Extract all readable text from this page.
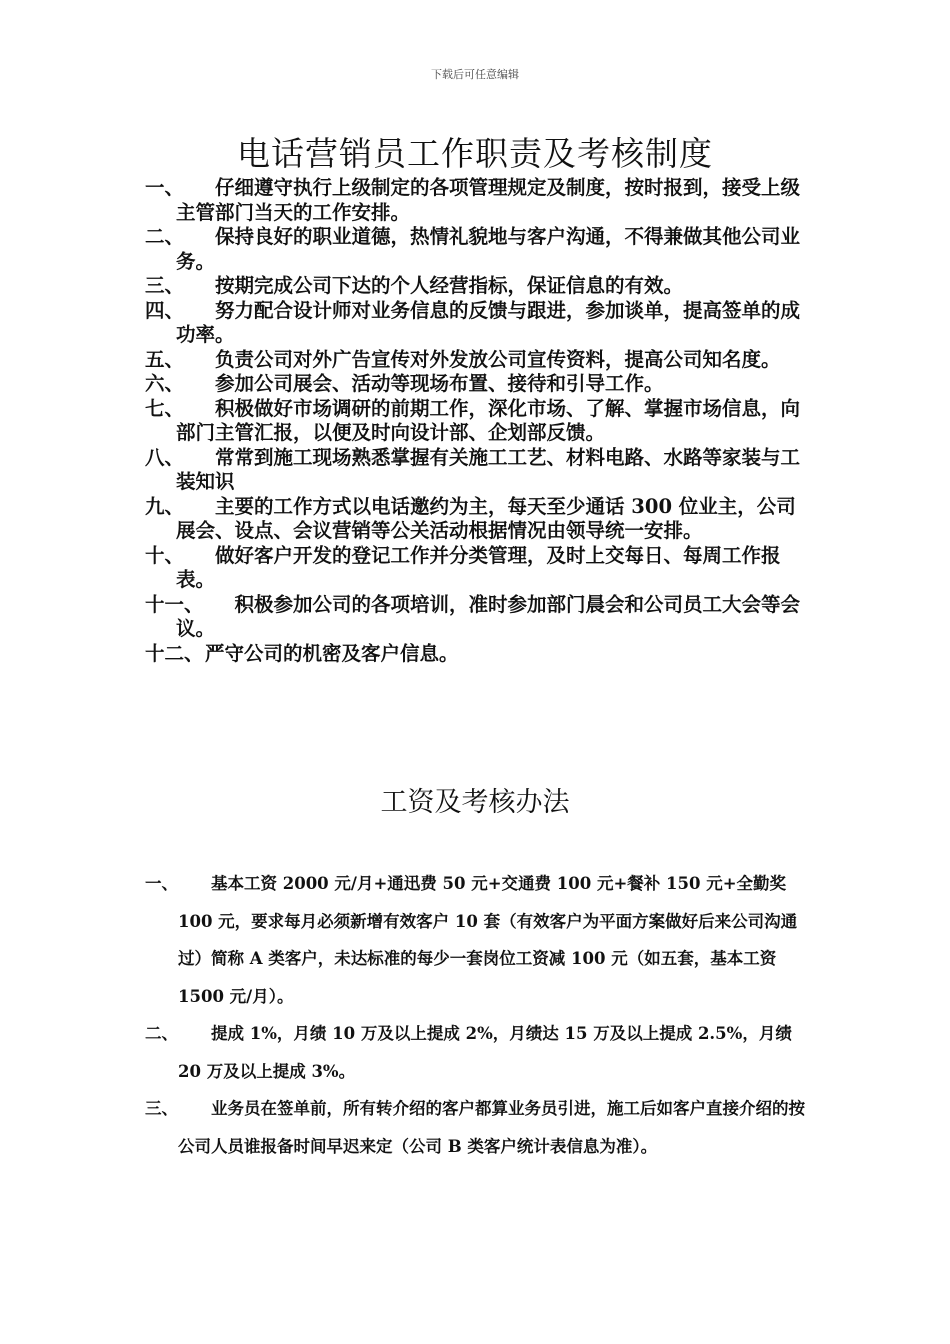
下载后可任意编辑
电话营销员工作职责及考核制度
一、
　　	仔细遵守执行上级制定的各项管理规定及制度，按时报到，接受上级主管部门当天的工作安排。
二、
　　	保持良好的职业道德，热情礼貌地与客户沟通，不得兼做其他公司业务。
三、
　　	按期完成公司下达的个人经营指标，保证信息的有效。
四、
　　	努力配合设计师对业务信息的反馈与跟进，参加谈单，提高签单的成功率。
五、
　　	负责公司对外广告宣传对外发放公司宣传资料，提高公司知名度。
六、
　　	参加公司展会、活动等现场布置、接待和引导工作。
七、
　　	积极做好市场调研的前期工作，深化市场、了解、掌握市场信息，向部门主管汇报，以便及时向设计部、企划部反馈。
八、
　　	常常到施工现场熟悉掌握有关施工工艺、材料电路、水路等家装与工装知识
九、
　　	主要的工作方式以电话邀约为主，每天至少通话 300 位业主，公司展会、设点、会议营销等公关活动根据情况由领导统一安排。
十、
　　	做好客户开发的登记工作并分类管理，及时上交每日、每周工作报表。
十一、
　　　	积极参加公司的各项培训，准时参加部门晨会和公司员工大会等会议。
十二、 严守公司的机密及客户信息。
工资及考核办法
一、
　　	基本工资 2000 元/月+通迅费 50 元+交通费 100 元+餐补 150 元+全勤奖 100 元，要求每月必须新增有效客户 10 套（有效客户为平面方案做好后来公司沟通过）简称 A 类客户，未达标准的每少一套岗位工资减 100 元（如五套，基本工资 1500 元/月）。
二、
　　	提成 1%，月绩 10 万及以上提成 2%，月绩达 15 万及以上提成 2.5%，月绩 20 万及以上提成 3%。
三、
　　	业务员在签单前，所有转介绍的客户都算业务员引进，施工后如客户直接介绍的按公司人员谁报备时间早迟来定（公司 B 类客户统计表信息为准）。
